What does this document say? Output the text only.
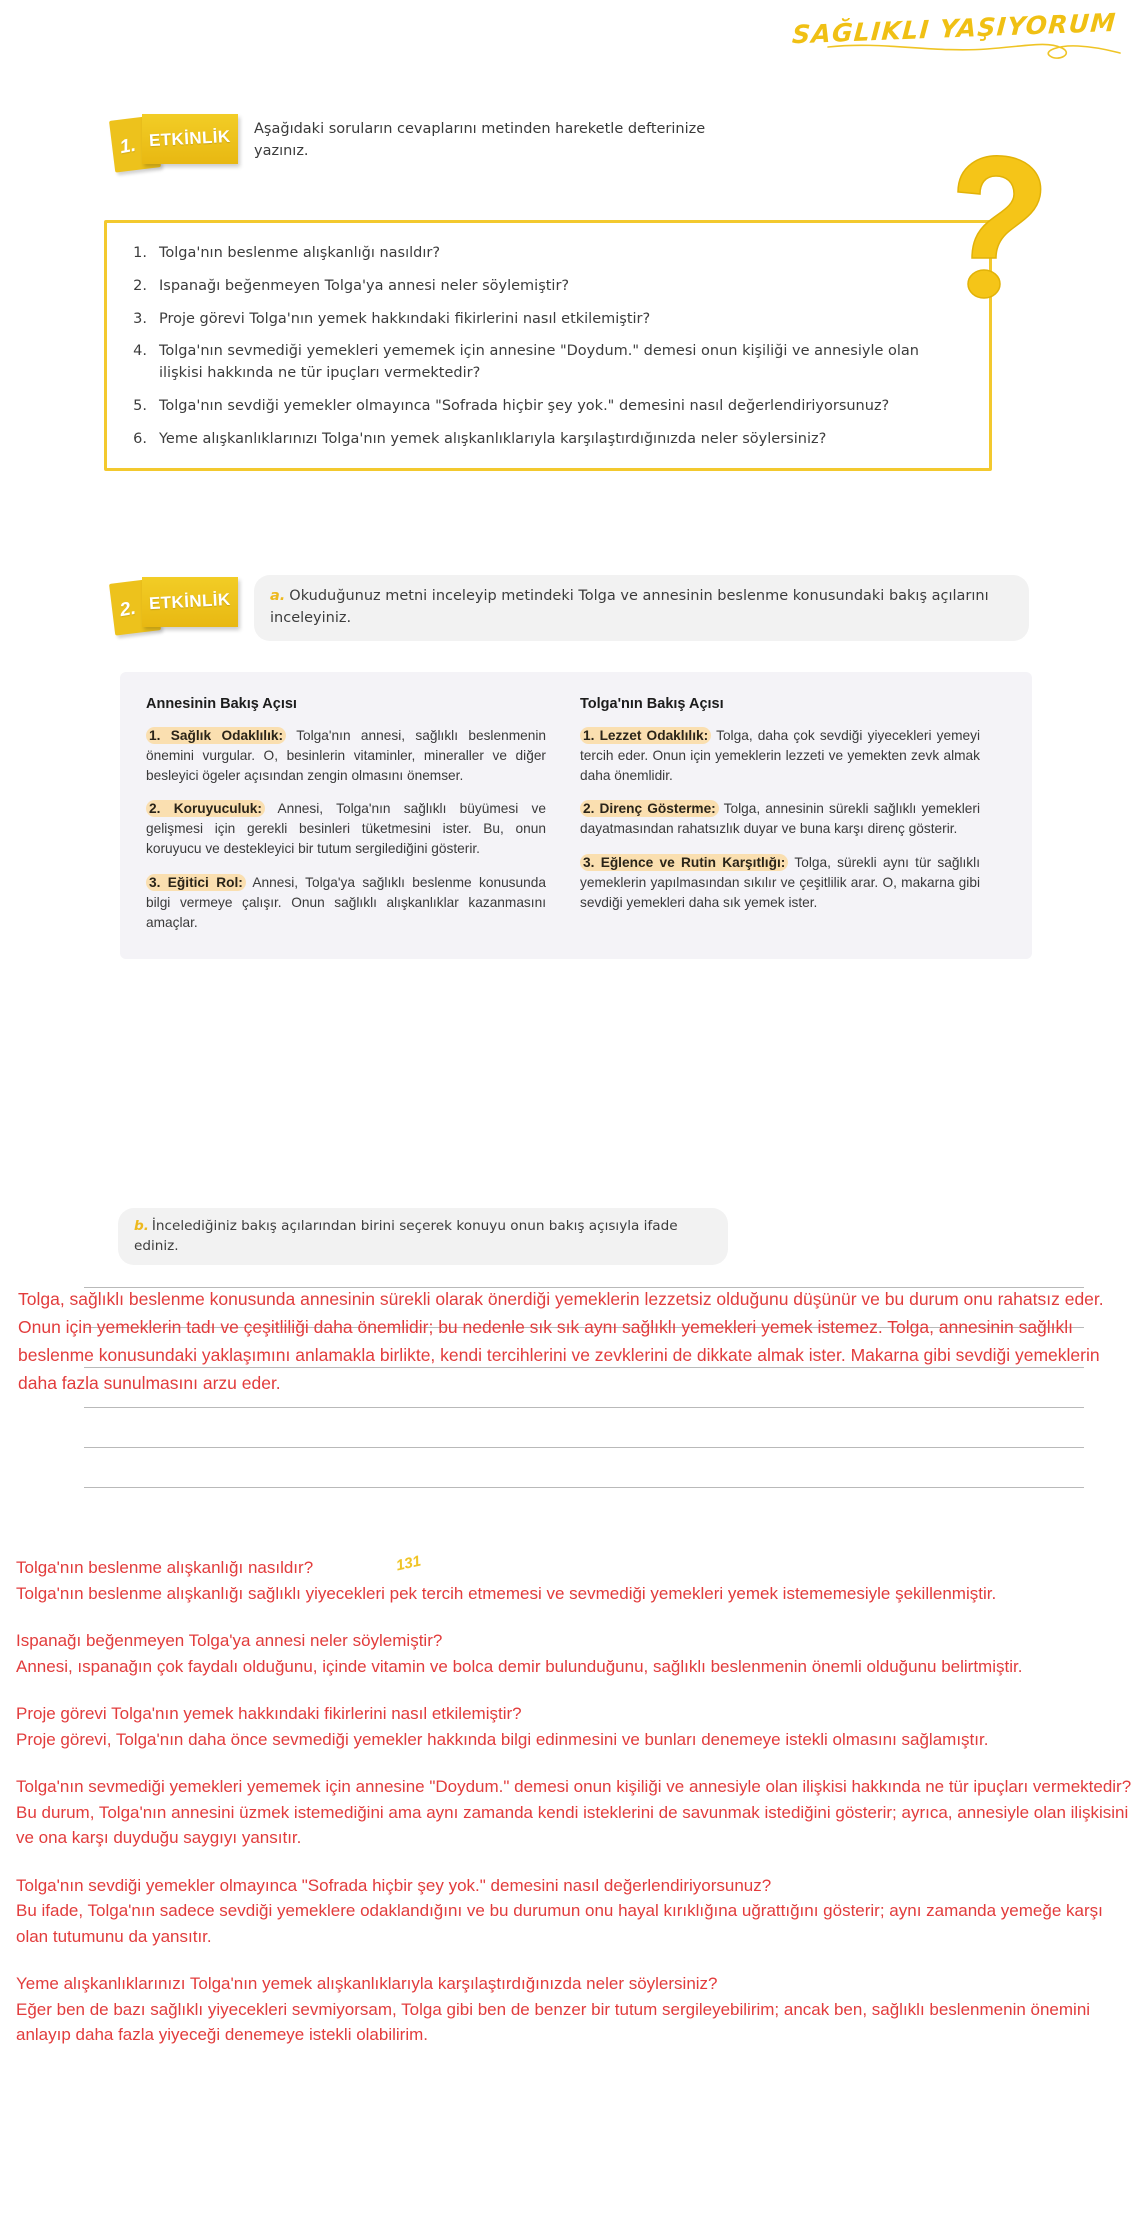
SAĞLIKLI YAŞIYORUM
1. ETKİNLİK Aşağıdaki soruların cevaplarını metinden hareketle defterinize yazınız.
1. Tolga'nın beslenme alışkanlığı nasıldır?
2. Ispanağı beğenmeyen Tolga'ya annesi neler söylemiştir?
3. Proje görevi Tolga'nın yemek hakkındaki fikirlerini nasıl etkilemiştir?
4. Tolga'nın sevmediği yemekleri yememek için annesine "Doydum." demesi onun kişiliği ve annesiyle olan ilişkisi hakkında ne tür ipuçları vermektedir?
5. Tolga'nın sevdiği yemekler olmayınca "Sofrada hiçbir şey yok." demesini nasıl değerlendiriyorsunuz?
6. Yeme alışkanlıklarınızı Tolga'nın yemek alışkanlıklarıyla karşılaştırdığınızda neler söylersiniz?
2. ETKİNLİK	a. Okuduğunuz metni inceleyip metindeki Tolga ve annesinin beslenme konusundaki bakış açılarını inceleyiniz.
Annesinin Bakış Açısı

1. Sağlık Odaklılık: Tolga'nın annesi, sağlıklı beslenmenin önemini vurgular. O, besinlerin vitaminler, mineraller ve diğer besleyici ögeler açısından zengin olmasını önemser.

2. Koruyuculuk: Annesi, Tolga'nın sağlıklı büyümesi ve gelişmesi için gerekli besinleri tüketmesini ister. Bu, onun koruyucu ve destekleyici bir tutum sergilediğini gösterir.

3. Eğitici Rol: Annesi, Tolga'ya sağlıklı beslenme konusunda bilgi vermeye çalışır. Onun sağlıklı alışkanlıklar kazanmasını amaçlar.

Tolga'nın Bakış Açısı

1. Lezzet Odaklılık: Tolga, daha çok sevdiği yiyecekleri yemeyi tercih eder. Onun için yemeklerin lezzeti ve yemekten zevk almak daha önemlidir.

2. Direnç Gösterme: Tolga, annesinin sürekli sağlıklı yemekleri dayatmasından rahatsızlık duyar ve buna karşı direnç gösterir.

3. Eğlence ve Rutin Karşıtlığı: Tolga, sürekli aynı tür sağlıklı yemeklerin yapılmasından sıkılır ve çeşitlilik arar. O, makarna gibi sevdiği yemekleri daha sık yemek ister.

b. İncelediğiniz bakış açılarından birini seçerek konuyu onun bakış açısıyla ifade ediniz.
Tolga, sağlıklı beslenme konusunda annesinin sürekli olarak önerdiği yemeklerin lezzetsiz olduğunu düşünür ve bu durum onu rahatsız eder. Onun için yemeklerin tadı ve çeşitliliği daha önemlidir; bu nedenle sık sık aynı sağlıklı yemekleri yemek istemez. Tolga, annesinin sağlıklı beslenme konusundaki yaklaşımını anlamakla birlikte, kendi tercihlerini ve zevklerini de dikkate almak ister. Makarna gibi sevdiği yemeklerin daha fazla sunulmasını arzu eder.
131
Tolga'nın beslenme alışkanlığı nasıldır?
Tolga'nın beslenme alışkanlığı sağlıklı yiyecekleri pek tercih etmemesi ve sevmediği yemekleri yemek istememesiyle şekillenmiştir.
Ispanağı beğenmeyen Tolga'ya annesi neler söylemiştir?
Annesi, ıspanağın çok faydalı olduğunu, içinde vitamin ve bolca demir bulunduğunu, sağlıklı beslenmenin önemli olduğunu belirtmiştir.
Proje görevi Tolga'nın yemek hakkındaki fikirlerini nasıl etkilemiştir?
Proje görevi, Tolga'nın daha önce sevmediği yemekler hakkında bilgi edinmesini ve bunları denemeye istekli olmasını sağlamıştır.
Tolga'nın sevmediği yemekleri yememek için annesine "Doydum." demesi onun kişiliği ve annesiyle olan ilişkisi hakkında ne tür ipuçları vermektedir?
Bu durum, Tolga'nın annesini üzmek istemediğini ama aynı zamanda kendi isteklerini de savunmak istediğini gösterir; ayrıca, annesiyle olan ilişkisini ve ona karşı duyduğu saygıyı yansıtır.
Tolga'nın sevdiği yemekler olmayınca "Sofrada hiçbir şey yok." demesini nasıl değerlendiriyorsunuz?
Bu ifade, Tolga'nın sadece sevdiği yemeklere odaklandığını ve bu durumun onu hayal kırıklığına uğrattığını gösterir; aynı zamanda yemeğe karşı olan tutumunu da yansıtır.
Yeme alışkanlıklarınızı Tolga'nın yemek alışkanlıklarıyla karşılaştırdığınızda neler söylersiniz?
Eğer ben de bazı sağlıklı yiyecekleri sevmiyorsam, Tolga gibi ben de benzer bir tutum sergileyebilirim; ancak ben, sağlıklı beslenmenin önemini anlayıp daha fazla yiyeceği denemeye istekli olabilirim.
